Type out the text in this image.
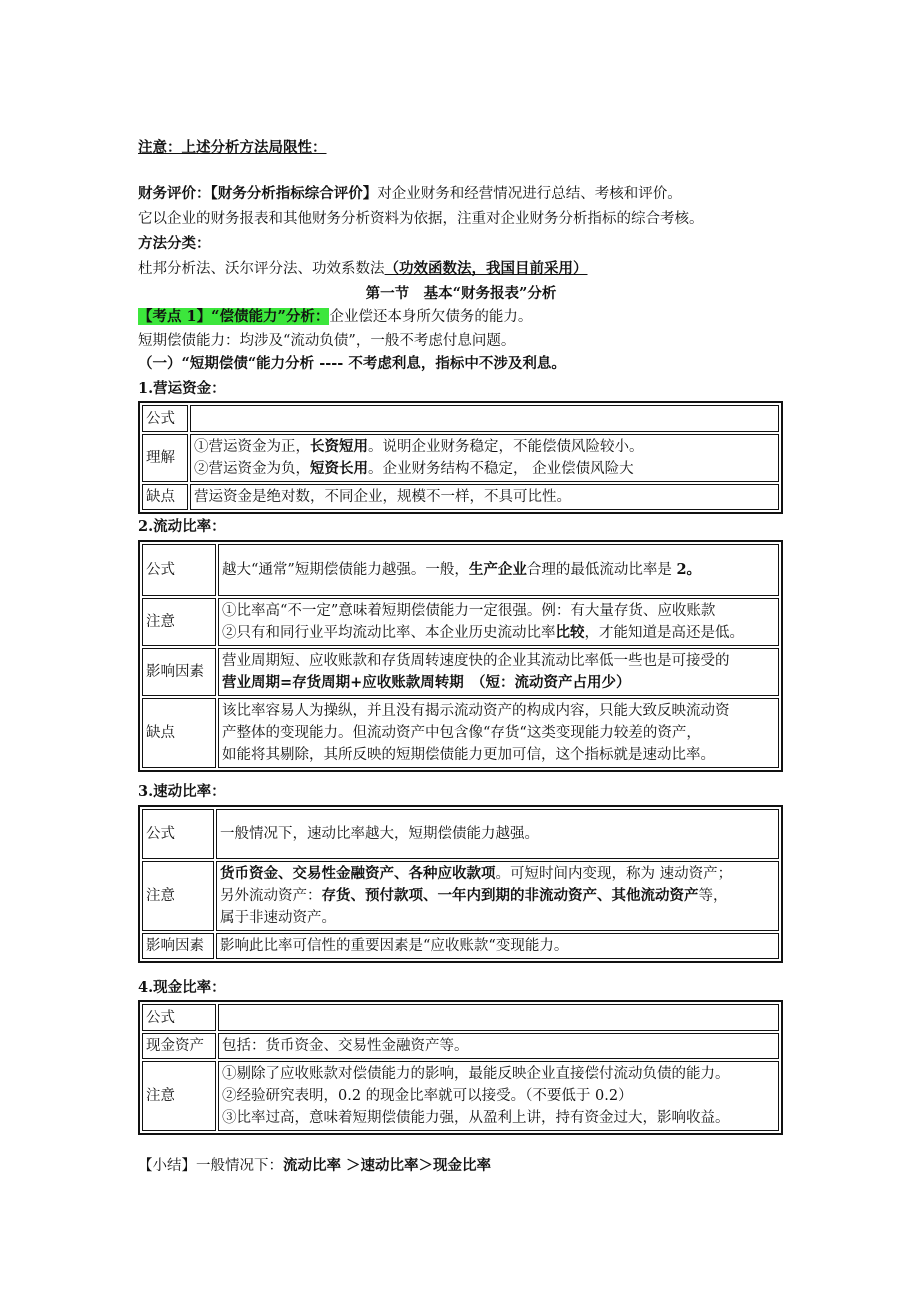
注意：上述分析方法局限性：
财务评价：【财务分析指标综合评价】对企业财务和经营情况进行总结、考核和评价。
它以企业的财务报表和其他财务分析资料为依据，注重对企业财务分析指标的综合考核。
方法分类：
杜邦分析法、沃尔评分法、功效系数法（功效函数法，我国目前采用）
第一节　基本“财务报表”分析
【考点 1】“偿债能力”分析：企业偿还本身所欠债务的能力。
短期偿债能力：均涉及“流动负债”，一般不考虑付息问题。
（一）“短期偿债“能力分析 ---- 不考虑利息，指标中不涉及利息。
1.营运资金：
公式	
理解	①营运资金为正，长资短用。说明企业财务稳定，不能偿债风险较小。
②营运资金为负，短资长用。企业财务结构不稳定， 企业偿债风险大

缺点	营运资金是绝对数，不同企业，规模不一样，不具可比性。
2.流动比率：
公式	越大“通常”短期偿债能力越强。一般，生产企业合理的最低流动比率是 2。

注意	①比率高“不一定”意味着短期偿债能力一定很强。例：有大量存货、应收账款
②只有和同行业平均流动比率、本企业历史流动比率比较，才能知道是高还是低。

影响因素	营业周期短、应收账款和存货周转速度快的企业其流动比率低一些也是可接受的
营业周期=存货周期+应收账款周转期　（短：流动资产占用少）

缺点	该比率容易人为操纵，并且没有揭示流动资产的构成内容，只能大致反映流动资
产整体的变现能力。但流动资产中包含像“存货“这类变现能力较差的资产，
如能将其剔除，其所反映的短期偿债能力更加可信，这个指标就是速动比率。
3.速动比率：
公式	一般情况下，速动比率越大，短期偿债能力越强。
注意	货币资金、交易性金融资产、各种应收款项。可短时间内变现，称为 速动资产；
另外流动资产：存货、预付款项、一年内到期的非流动资产、其他流动资产等，
属于非速动资产。

影响因素	影响此比率可信性的重要因素是“应收账款“变现能力。
4.现金比率：
公式	
现金资产	包括：货币资金、交易性金融资产等。
注意	①剔除了应收账款对偿债能力的影响，最能反映企业直接偿付流动负债的能力。
②经验研究表明，0.2 的现金比率就可以接受。（不要低于 0.2）
③比率过高，意味着短期偿债能力强，从盈利上讲，持有资金过大，影响收益。
【小结】一般情况下：流动比率 ＞速动比率＞现金比率
